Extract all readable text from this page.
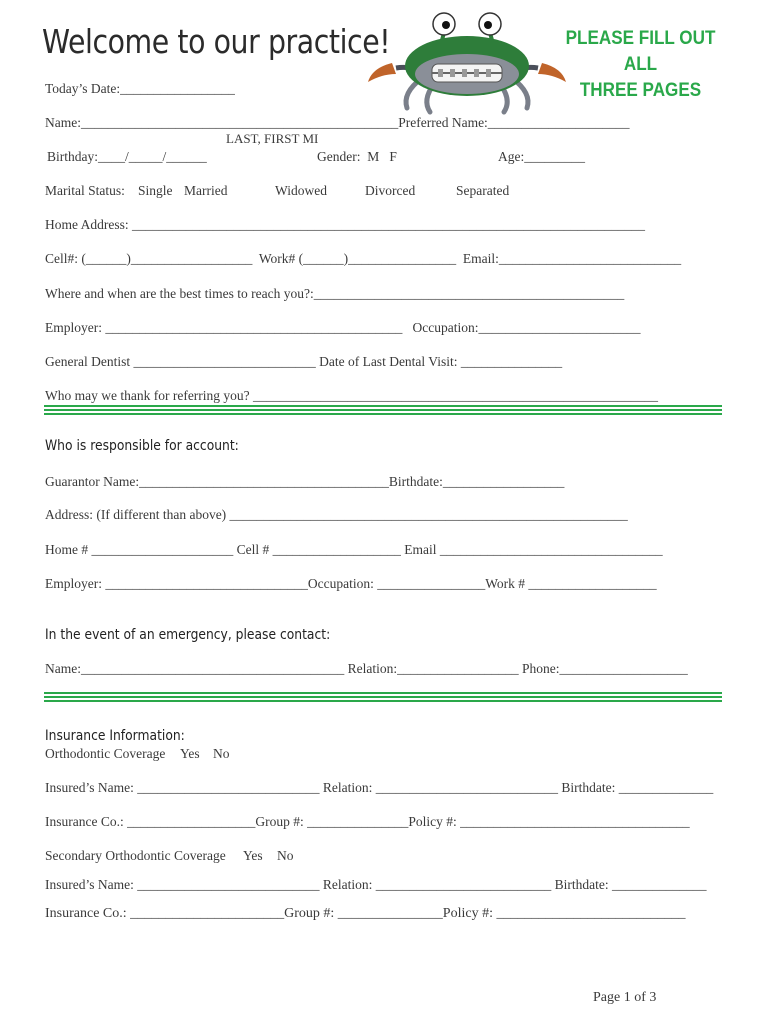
Welcome to our practice!	PLEASE FILL OUT ALL
THREE PAGES
Today’s Date:_________________
Name:_______________________________________________Preferred Name:_____________________
LAST, FIRST MI
Birthday:____/_____/______	Gender:  M   F	Age:_________
Marital Status: Single Married	Widowed	Divorced	Separated
Home Address: ____________________________________________________________________________
Cell#: (______)__________________  Work# (______)________________  Email:___________________________
Where and when are the best times to reach you?:______________________________________________
Employer: ____________________________________________   Occupation:________________________
General Dentist ___________________________ Date of Last Dental Visit: _______________
Who may we thank for referring you? ____________________________________________________________
Who is responsible for account:
Guarantor Name:_____________________________________Birthdate:__________________
Address: (If different than above) ___________________________________________________________
Home # _____________________ Cell # ___________________ Email _________________________________
Employer: ______________________________Occupation: ________________Work # ___________________
In the event of an emergency, please contact:
Name:_______________________________________ Relation:__________________ Phone:___________________
Insurance Information:
Orthodontic Coverage Yes No
Insured’s Name: ___________________________ Relation: ___________________________ Birthdate: ______________
Insurance Co.: ___________________Group #: _______________Policy #: __________________________________
Secondary Orthodontic Coverage Yes No
Insured’s Name: ___________________________ Relation: __________________________ Birthdate: ______________
Insurance Co.: ______________________Group #: _______________Policy #: ___________________________
Page 1 of 3
